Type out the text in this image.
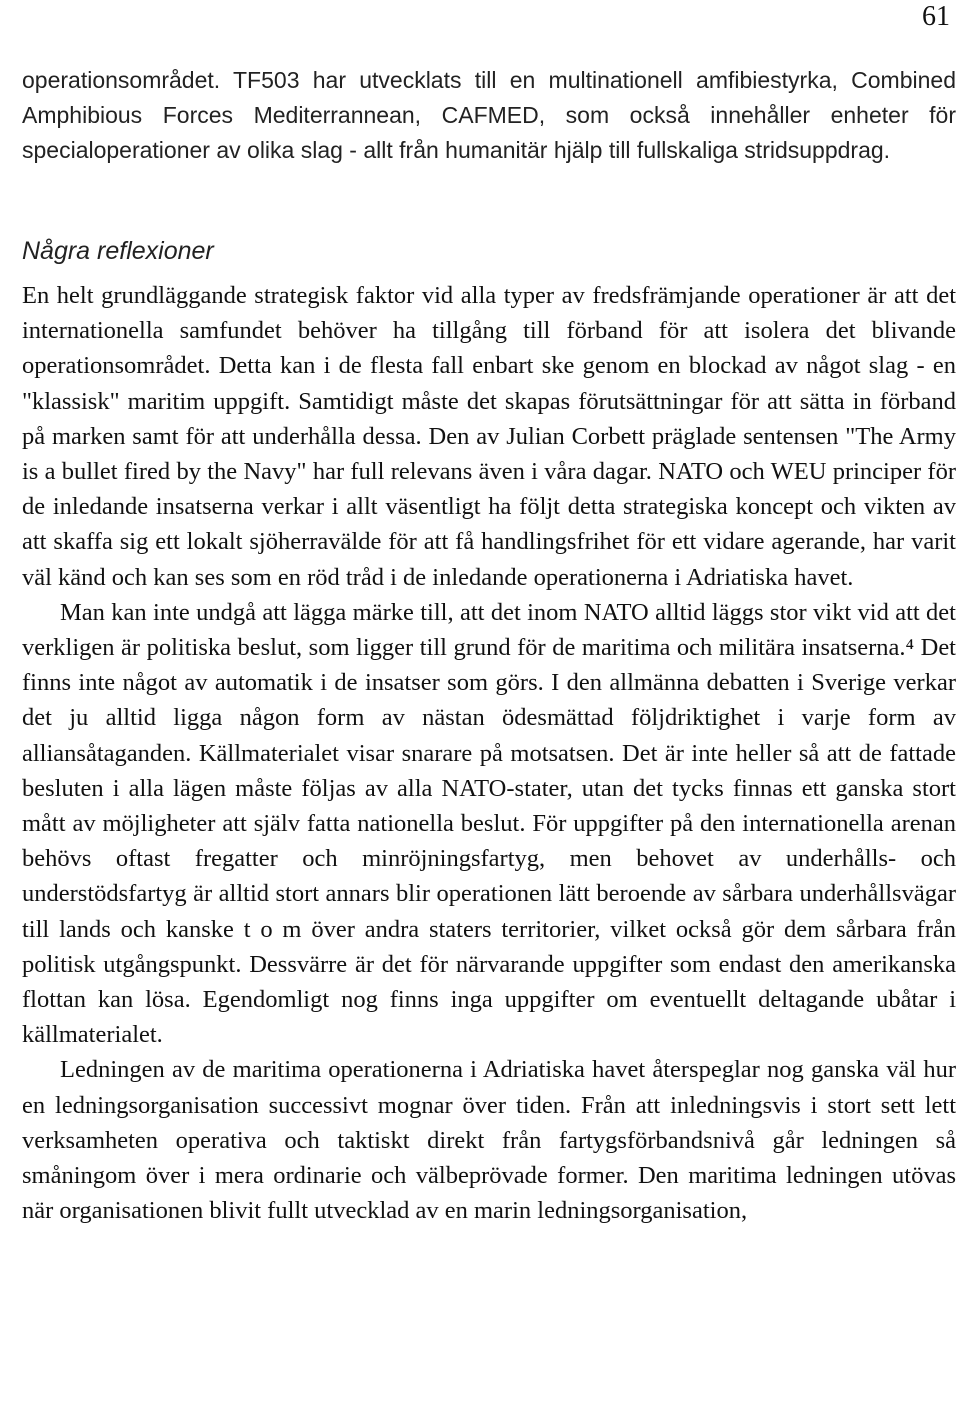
61

operationsområdet. TF503 har utvecklats till en multinationell amfibiestyrka, Combined Amphibious Forces Mediterrannean, CAFMED, som också innehåller enheter för specialoperationer av olika slag - allt från humanitär hjälp till fullskaliga stridsuppdrag.

Några reflexioner

En helt grundläggande strategisk faktor vid alla typer av fredsfrämjande operationer är att det internationella samfundet behöver ha tillgång till förband för att isolera det blivande operationsområdet. Detta kan i de flesta fall enbart ske genom en blockad av något slag - en "klassisk" maritim uppgift. Samtidigt måste det skapas förutsättningar för att sätta in förband på marken samt för att underhålla dessa. Den av Julian Corbett präglade sentensen "The Army is a bullet fired by the Navy" har full relevans även i våra dagar. NATO och WEU principer för de inledande insatserna verkar i allt väsentligt ha följt detta strategiska koncept och vikten av att skaffa sig ett lokalt sjöherravälde för att få handlingsfrihet för ett vidare agerande, har varit väl känd och kan ses som en röd tråd i de inledande operationerna i Adriatiska havet.

Man kan inte undgå att lägga märke till, att det inom NATO alltid läggs stor vikt vid att det verkligen är politiska beslut, som ligger till grund för de maritima och militära insatserna.⁴ Det finns inte något av automatik i de insatser som görs. I den allmänna debatten i Sverige verkar det ju alltid ligga någon form av nästan ödesmättad följdriktighet i varje form av alliansåtaganden. Källmaterialet visar snarare på motsatsen. Det är inte heller så att de fattade besluten i alla lägen måste följas av alla NATO-stater, utan det tycks finnas ett ganska stort mått av möjligheter att själv fatta nationella beslut. För uppgifter på den internationella arenan behövs oftast fregatter och minröjningsfartyg, men behovet av underhålls- och understödsfartyg är alltid stort annars blir operationen lätt beroende av sårbara underhållsvägar till lands och kanske t o m över andra staters territorier, vilket också gör dem sårbara från politisk utgångspunkt. Dessvärre är det för närvarande uppgifter som endast den amerikanska flottan kan lösa. Egendomligt nog finns inga uppgifter om eventuellt deltagande ubåtar i källmaterialet.

Ledningen av de maritima operationerna i Adriatiska havet återspeglar nog ganska väl hur en ledningsorganisation successivt mognar över tiden. Från att inledningsvis i stort sett lett verksamheten operativa och taktiskt direkt från fartygsförbandsnivå går ledningen så småningom över i mera ordinarie och välbeprövade former. Den maritima ledningen utövas när organisationen blivit fullt utvecklad av en marin ledningsorganisation,
